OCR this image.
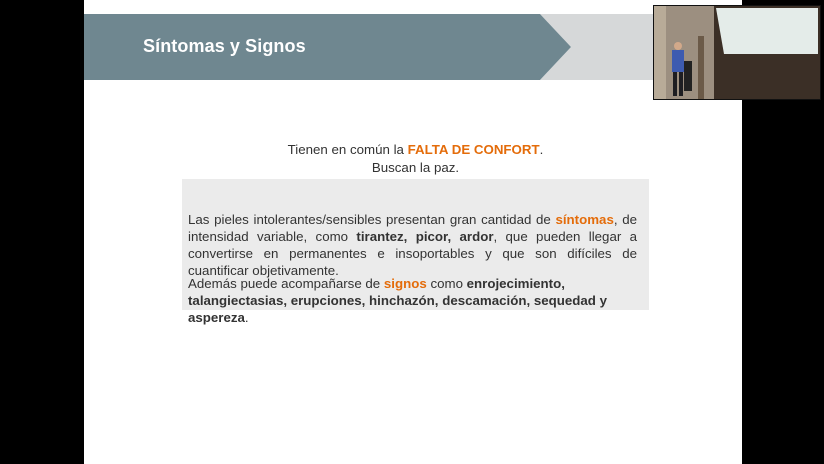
Síntomas y Signos
Tienen en común la FALTA DE CONFORT.
Buscan la paz.
Las pieles intolerantes/sensibles presentan gran cantidad de síntomas, de intensidad variable, como tirantez, picor, ardor, que pueden llegar a convertirse en permanentes e insoportables y que son difíciles de cuantificar objetivamente.
Además puede acompañarse de signos como enrojecimiento, talangiectasias, erupciones, hinchazón, descamación, sequedad y aspereza.
